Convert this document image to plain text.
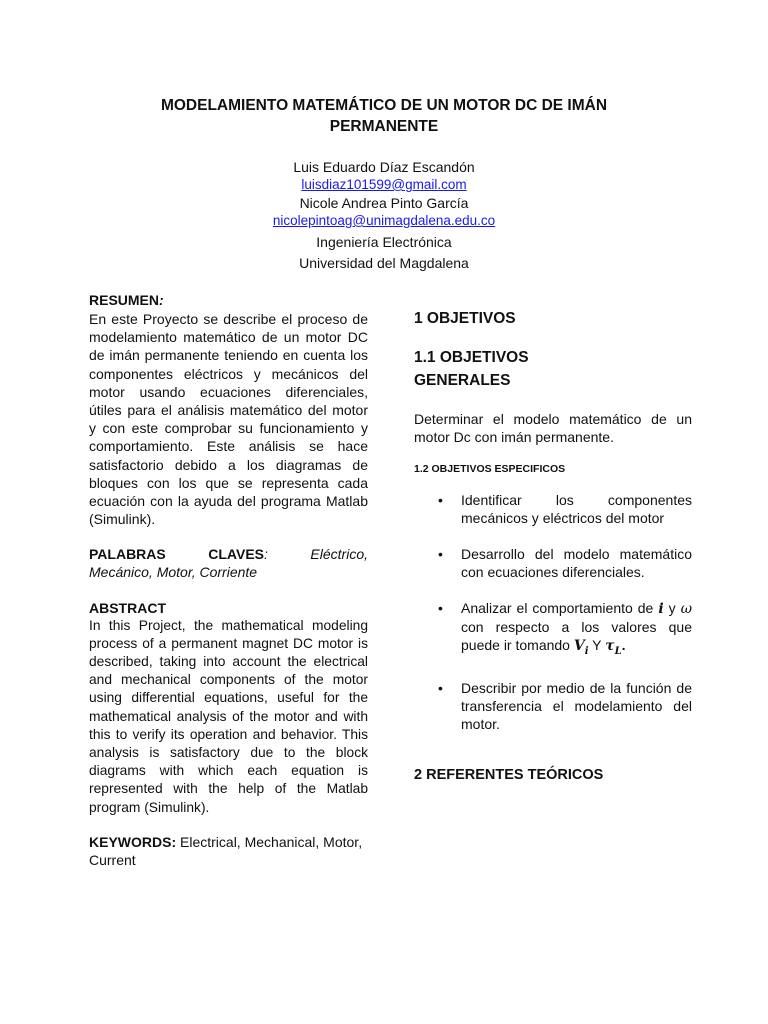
MODELAMIENTO MATEMÁTICO DE UN MOTOR DC DE IMÁN
PERMANENTE
Luis Eduardo Díaz Escandón
luisdiaz101599@gmail.com
Nicole Andrea Pinto García
nicolepintoag@unimagdalena.edu.co
Ingeniería Electrónica
Universidad del Magdalena

RESUMEN:

En este Proyecto se describe el proceso de modelamiento matemático de un motor DC de imán permanente teniendo en cuenta los componentes eléctricos y mecánicos del motor usando ecuaciones diferenciales, útiles para el análisis matemático del motor y con este comprobar su funcionamiento y comportamiento. Este análisis se hace satisfactorio debido a los diagramas de bloques con los que se representa cada ecuación con la ayuda del programa Matlab (Simulink).

PALABRAS	CLAVES:	Eléctrico,

Mecánico, Motor, Corriente

ABSTRACT

In this Project, the mathematical modeling process of a permanent magnet DC motor is described, taking into account the electrical and mechanical components of the motor using differential equations, useful for the mathematical analysis of the motor and with this to verify its operation and behavior. This analysis is satisfactory due to the block diagrams with which each equation is represented with the help of the Matlab program (Simulink).

KEYWORDS: Electrical, Mechanical, Motor, Current

1 OBJETIVOS

1.1 OBJETIVOS
GENERALES

Determinar el modelo matemático de un motor Dc con imán permanente.

1.2 OBJETIVOS ESPECIFICOS

• Identificar los componentes mecánicos y eléctricos del motor
• Desarrollo del modelo matemático con ecuaciones diferenciales.
• Analizar el comportamiento de i y ω con respecto a los valores que puede ir tomando $V_i$ Y $\tau_L$.
• Describir por medio de la función de transferencia el modelamiento del motor.

2 REFERENTES TEÓRICOS
